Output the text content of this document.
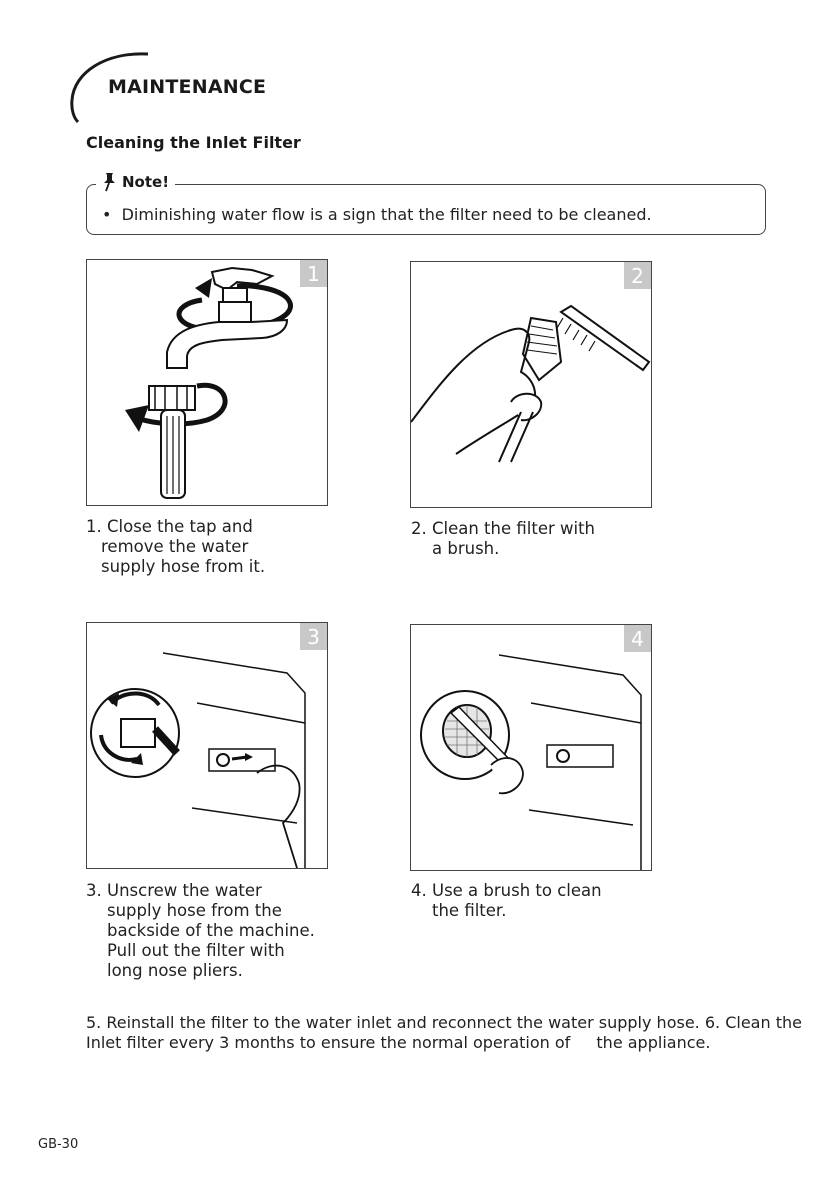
MAINTENANCE
Cleaning the Inlet Filter
Note!
•  Diminishing water flow is a sign that the filter need to be cleaned.
1	2
1. Close the tap and
remove the water
supply hose from it.
2. Clean the filter with
a brush.
3	4
3. Unscrew the water
supply hose from the
backside of the machine.
Pull out the filter with
long nose pliers.
4. Use a brush to clean
the filter.
5. Reinstall the filter to the water inlet and reconnect the water supply hose. 6. Clean the Inlet filter every 3 months to ensure the normal operation of the appliance.
GB-30
